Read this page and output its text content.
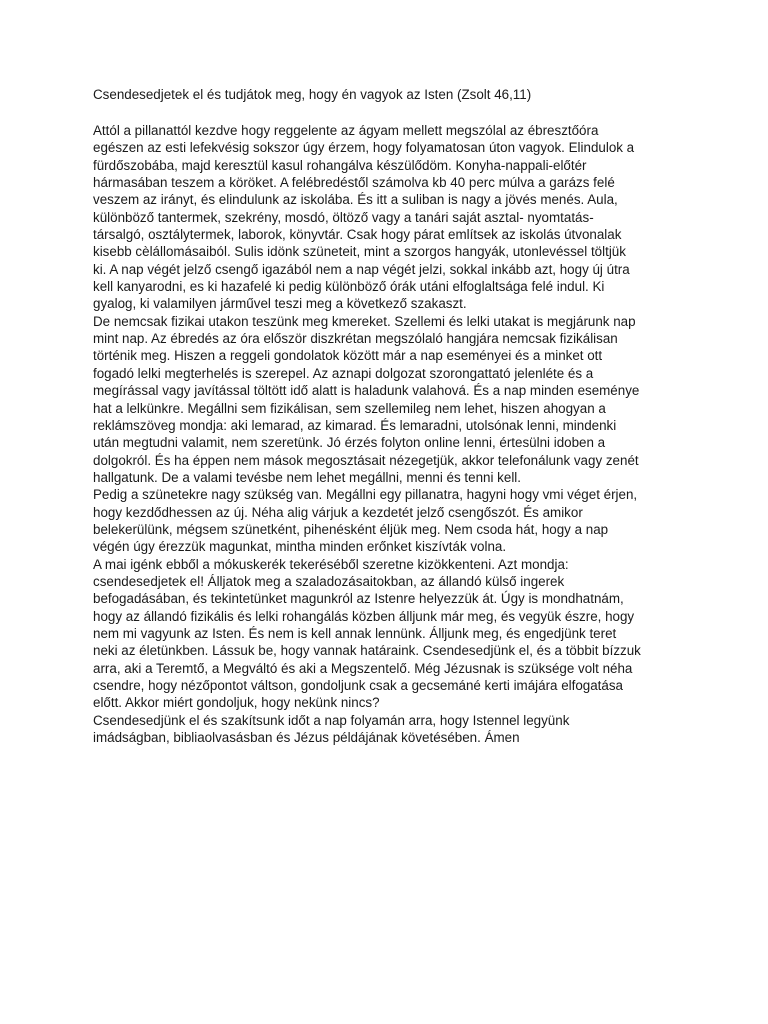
Csendesedjetek el és tudjátok meg, hogy én vagyok az Isten (Zsolt 46,11)
Attól a pillanattól kezdve hogy reggelente az ágyam mellett megszólal az ébresztőóra
egészen az esti lefekvésig sokszor úgy érzem, hogy folyamatosan úton vagyok. Elindulok a
fürdőszobába, majd keresztül kasul rohangálva készülődöm. Konyha-nappali-előtér
hármasában teszem a köröket. A felébredéstől számolva kb 40 perc múlva a garázs felé
veszem az irányt, és elindulunk az iskolába. És itt a suliban is nagy a jövés menés. Aula,
különböző tantermek, szekrény, mosdó, öltöző vagy a tanári saját asztal- nyomtatás-
társalgó, osztálytermek, laborok, könyvtár. Csak hogy párat említsek az iskolás útvonalak
kisebb cèlállomásaiból. Sulis idönk szüneteit, mint a szorgos hangyák, utonlevéssel töltjük
ki. A nap végét jelző csengő igazából nem a nap végét jelzi, sokkal inkább azt, hogy új útra
kell kanyarodni, es ki hazafelé ki pedig különböző órák utáni elfoglaltsága felé indul. Ki
gyalog, ki valamilyen járművel teszi meg a következő szakaszt.
De nemcsak fizikai utakon teszünk meg kmereket. Szellemi és lelki utakat is megjárunk nap
mint nap. Az ébredés az óra először diszkrétan megszólaló hangjára nemcsak fizikálisan
történik meg. Hiszen a reggeli gondolatok között már a nap eseményei és a minket ott
fogadó lelki megterhelés is szerepel. Az aznapi dolgozat szorongattató jelenléte és a
megírással vagy javítással töltött idő alatt is haladunk valahová. És a nap minden eseménye
hat a lelkünkre. Megállni sem fizikálisan, sem szellemileg nem lehet, hiszen ahogyan a
reklámszöveg mondja: aki lemarad, az kimarad. És lemaradni, utolsónak lenni, mindenki
után megtudni valamit, nem szeretünk. Jó érzés folyton online lenni, értesülni idoben a
dolgokról. És ha éppen nem mások megosztásait nézegetjük, akkor telefonálunk vagy zenét
hallgatunk. De a valami tevésbe nem lehet megállni, menni és tenni kell.
Pedig a szünetekre nagy szükség van. Megállni egy pillanatra, hagyni hogy vmi véget érjen,
hogy kezdődhessen az új. Néha alig várjuk a kezdetét jelző csengőszót. És amikor
belekerülünk, mégsem szünetként, pihenésként éljük meg. Nem csoda hát, hogy a nap
végén úgy érezzük magunkat, mintha minden erőnket kiszívták volna.
A mai igénk ebből a mókuskerék tekeréséből szeretne kizökkenteni. Azt mondja:
csendesedjetek el! Álljatok meg a szaladozásaitokban, az állandó külső ingerek
befogadásában, és tekintetünket magunkról az Istenre helyezzük át. Úgy is mondhatnám,
hogy az állandó fizikális és lelki rohangálás közben álljunk már meg, és vegyük észre, hogy
nem mi vagyunk az Isten. És nem is kell annak lennünk. Álljunk meg, és engedjünk teret
neki az életünkben. Lássuk be, hogy vannak határaink. Csendesedjünk el, és a többit bízzuk
arra, aki a Teremtő, a Megváltó és aki a Megszentelő. Még Jézusnak is szüksége volt néha
csendre, hogy nézőpontot váltson, gondoljunk csak a gecsemáné kerti imájára elfogatása
előtt. Akkor miért gondoljuk, hogy nekünk nincs?
Csendesedjünk el és szakítsunk időt a nap folyamán arra, hogy Istennel legyünk
imádságban, bibliaolvasásban és Jézus példájának követésében. Ámen
